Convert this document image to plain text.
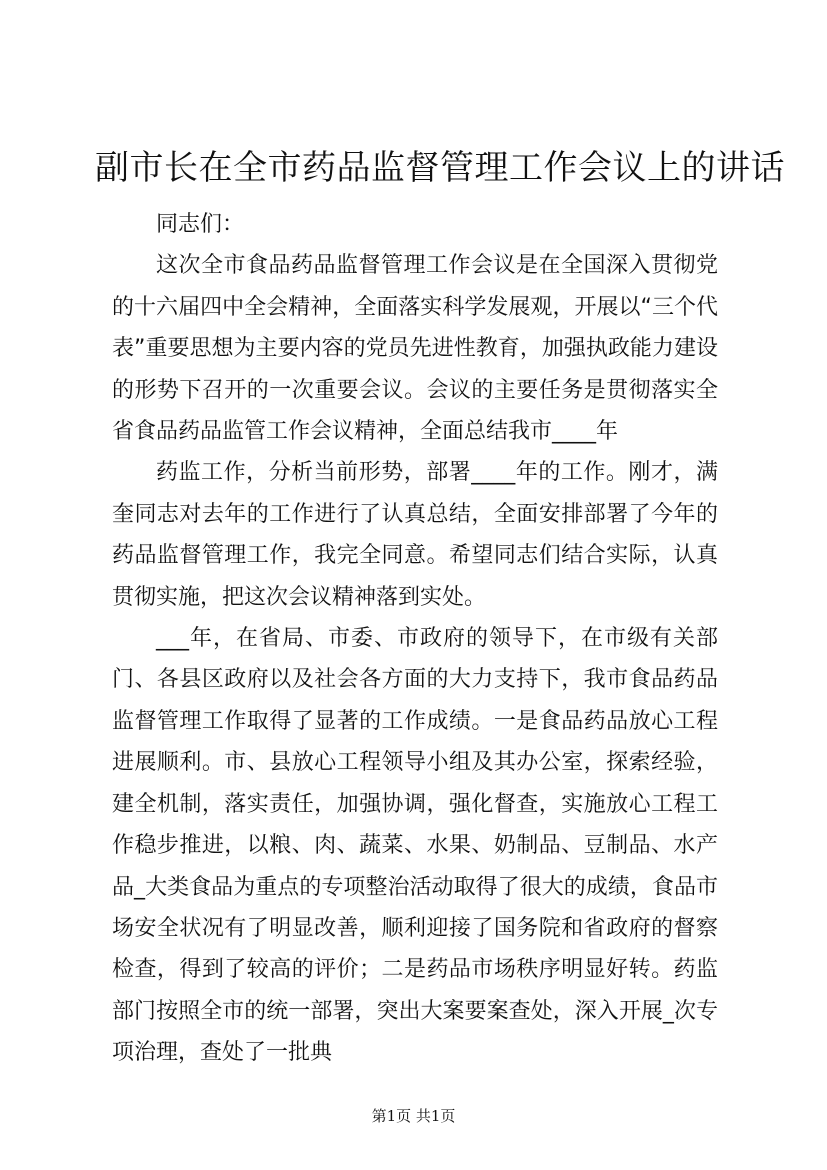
副市长在全市药品监督管理工作会议上的讲话

同志们：

这次全市食品药品监督管理工作会议是在全国深入贯彻党的十六届四中全会精神，全面落实科学发展观，开展以“三个代表”重要思想为主要内容的党员先进性教育，加强执政能力建设的形势下召开的一次重要会议。会议的主要任务是贯彻落实全省食品药品监管工作会议精神，全面总结我市____年

药监工作，分析当前形势，部署____年的工作。刚才，满奎同志对去年的工作进行了认真总结，全面安排部署了今年的药品监督管理工作，我完全同意。希望同志们结合实际，认真贯彻实施，把这次会议精神落到实处。

___年，在省局、市委、市政府的领导下，在市级有关部门、各县区政府以及社会各方面的大力支持下，我市食品药品监督管理工作取得了显著的工作成绩。一是食品药品放心工程进展顺利。市、县放心工程领导小组及其办公室，探索经验，建全机制，落实责任，加强协调，强化督查，实施放心工程工作稳步推进，以粮、肉、蔬菜、水果、奶制品、豆制品、水产品_大类食品为重点的专项整治活动取得了很大的成绩，食品市场安全状况有了明显改善，顺利迎接了国务院和省政府的督察检查，得到了较高的评价；二是药品市场秩序明显好转。药监部门按照全市的统一部署，突出大案要案查处，深入开展_次专项治理，查处了一批典

第1页 共1页
